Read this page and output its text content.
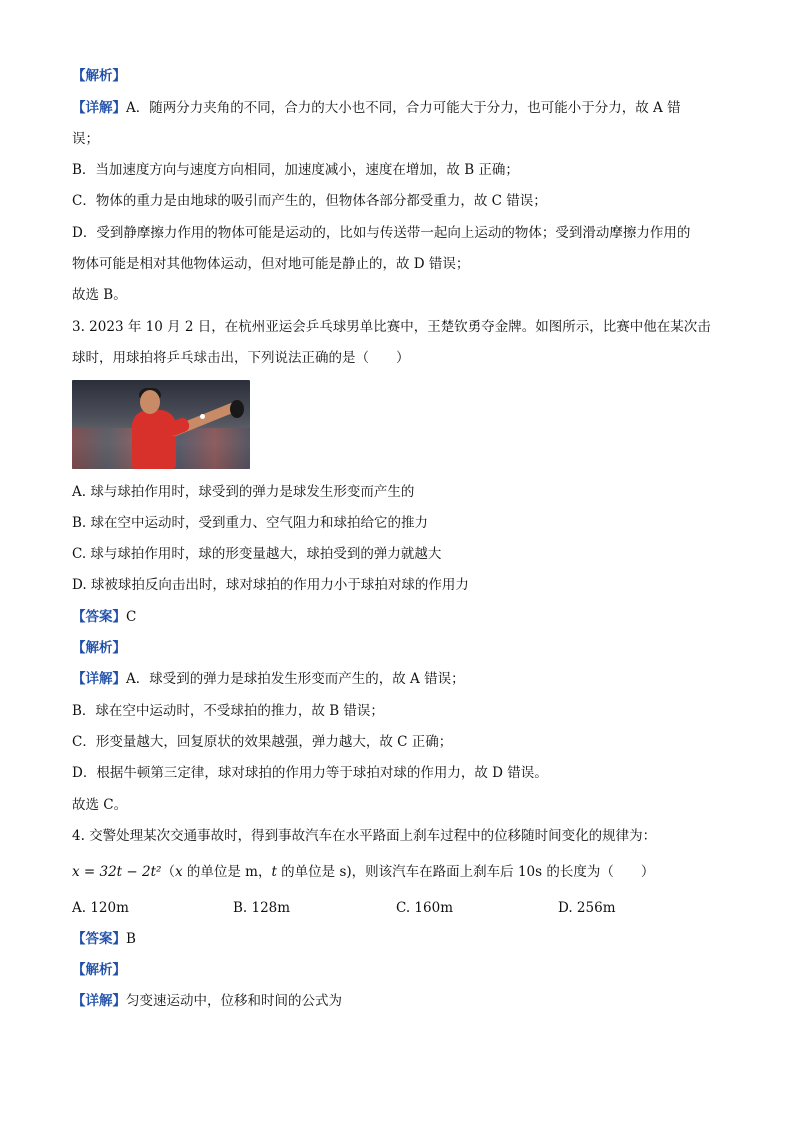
【解析】
【详解】A．随两分力夹角的不同，合力的大小也不同，合力可能大于分力，也可能小于分力，故 A 错
误；
B．当加速度方向与速度方向相同，加速度减小，速度在增加，故 B 正确；
C．物体的重力是由地球的吸引而产生的，但物体各部分都受重力，故 C 错误；
D．受到静摩擦力作用的物体可能是运动的，比如与传送带一起向上运动的物体；受到滑动摩擦力作用的
物体可能是相对其他物体运动，但对地可能是静止的，故 D 错误；
故选 B。
3. 2023 年 10 月 2 日，在杭州亚运会乒乓球男单比赛中，王楚钦勇夺金牌。如图所示，比赛中他在某次击
球时，用球拍将乒乓球击出，下列说法正确的是（　　）
A. 球与球拍作用时，球受到的弹力是球发生形变而产生的
B. 球在空中运动时，受到重力、空气阻力和球拍给它的推力
C. 球与球拍作用时，球的形变量越大，球拍受到的弹力就越大
D. 球被球拍反向击出时，球对球拍的作用力小于球拍对球的作用力
【答案】C
【解析】
【详解】A．球受到的弹力是球拍发生形变而产生的，故 A 错误；
B．球在空中运动时，不受球拍的推力，故 B 错误；
C．形变量越大，回复原状的效果越强，弹力越大，故 C 正确；
D．根据牛顿第三定律，球对球拍的作用力等于球拍对球的作用力，故 D 错误。
故选 C。
4. 交警处理某次交通事故时，得到事故汽车在水平路面上刹车过程中的位移随时间变化的规律为：
x = 32t − 2t²（x 的单位是 m，t 的单位是 s)，则该汽车在路面上刹车后 10s 的长度为（　　）
A. 120m	B. 128m	C. 160m	D. 256m
【答案】B
【解析】
【详解】匀变速运动中，位移和时间的公式为
